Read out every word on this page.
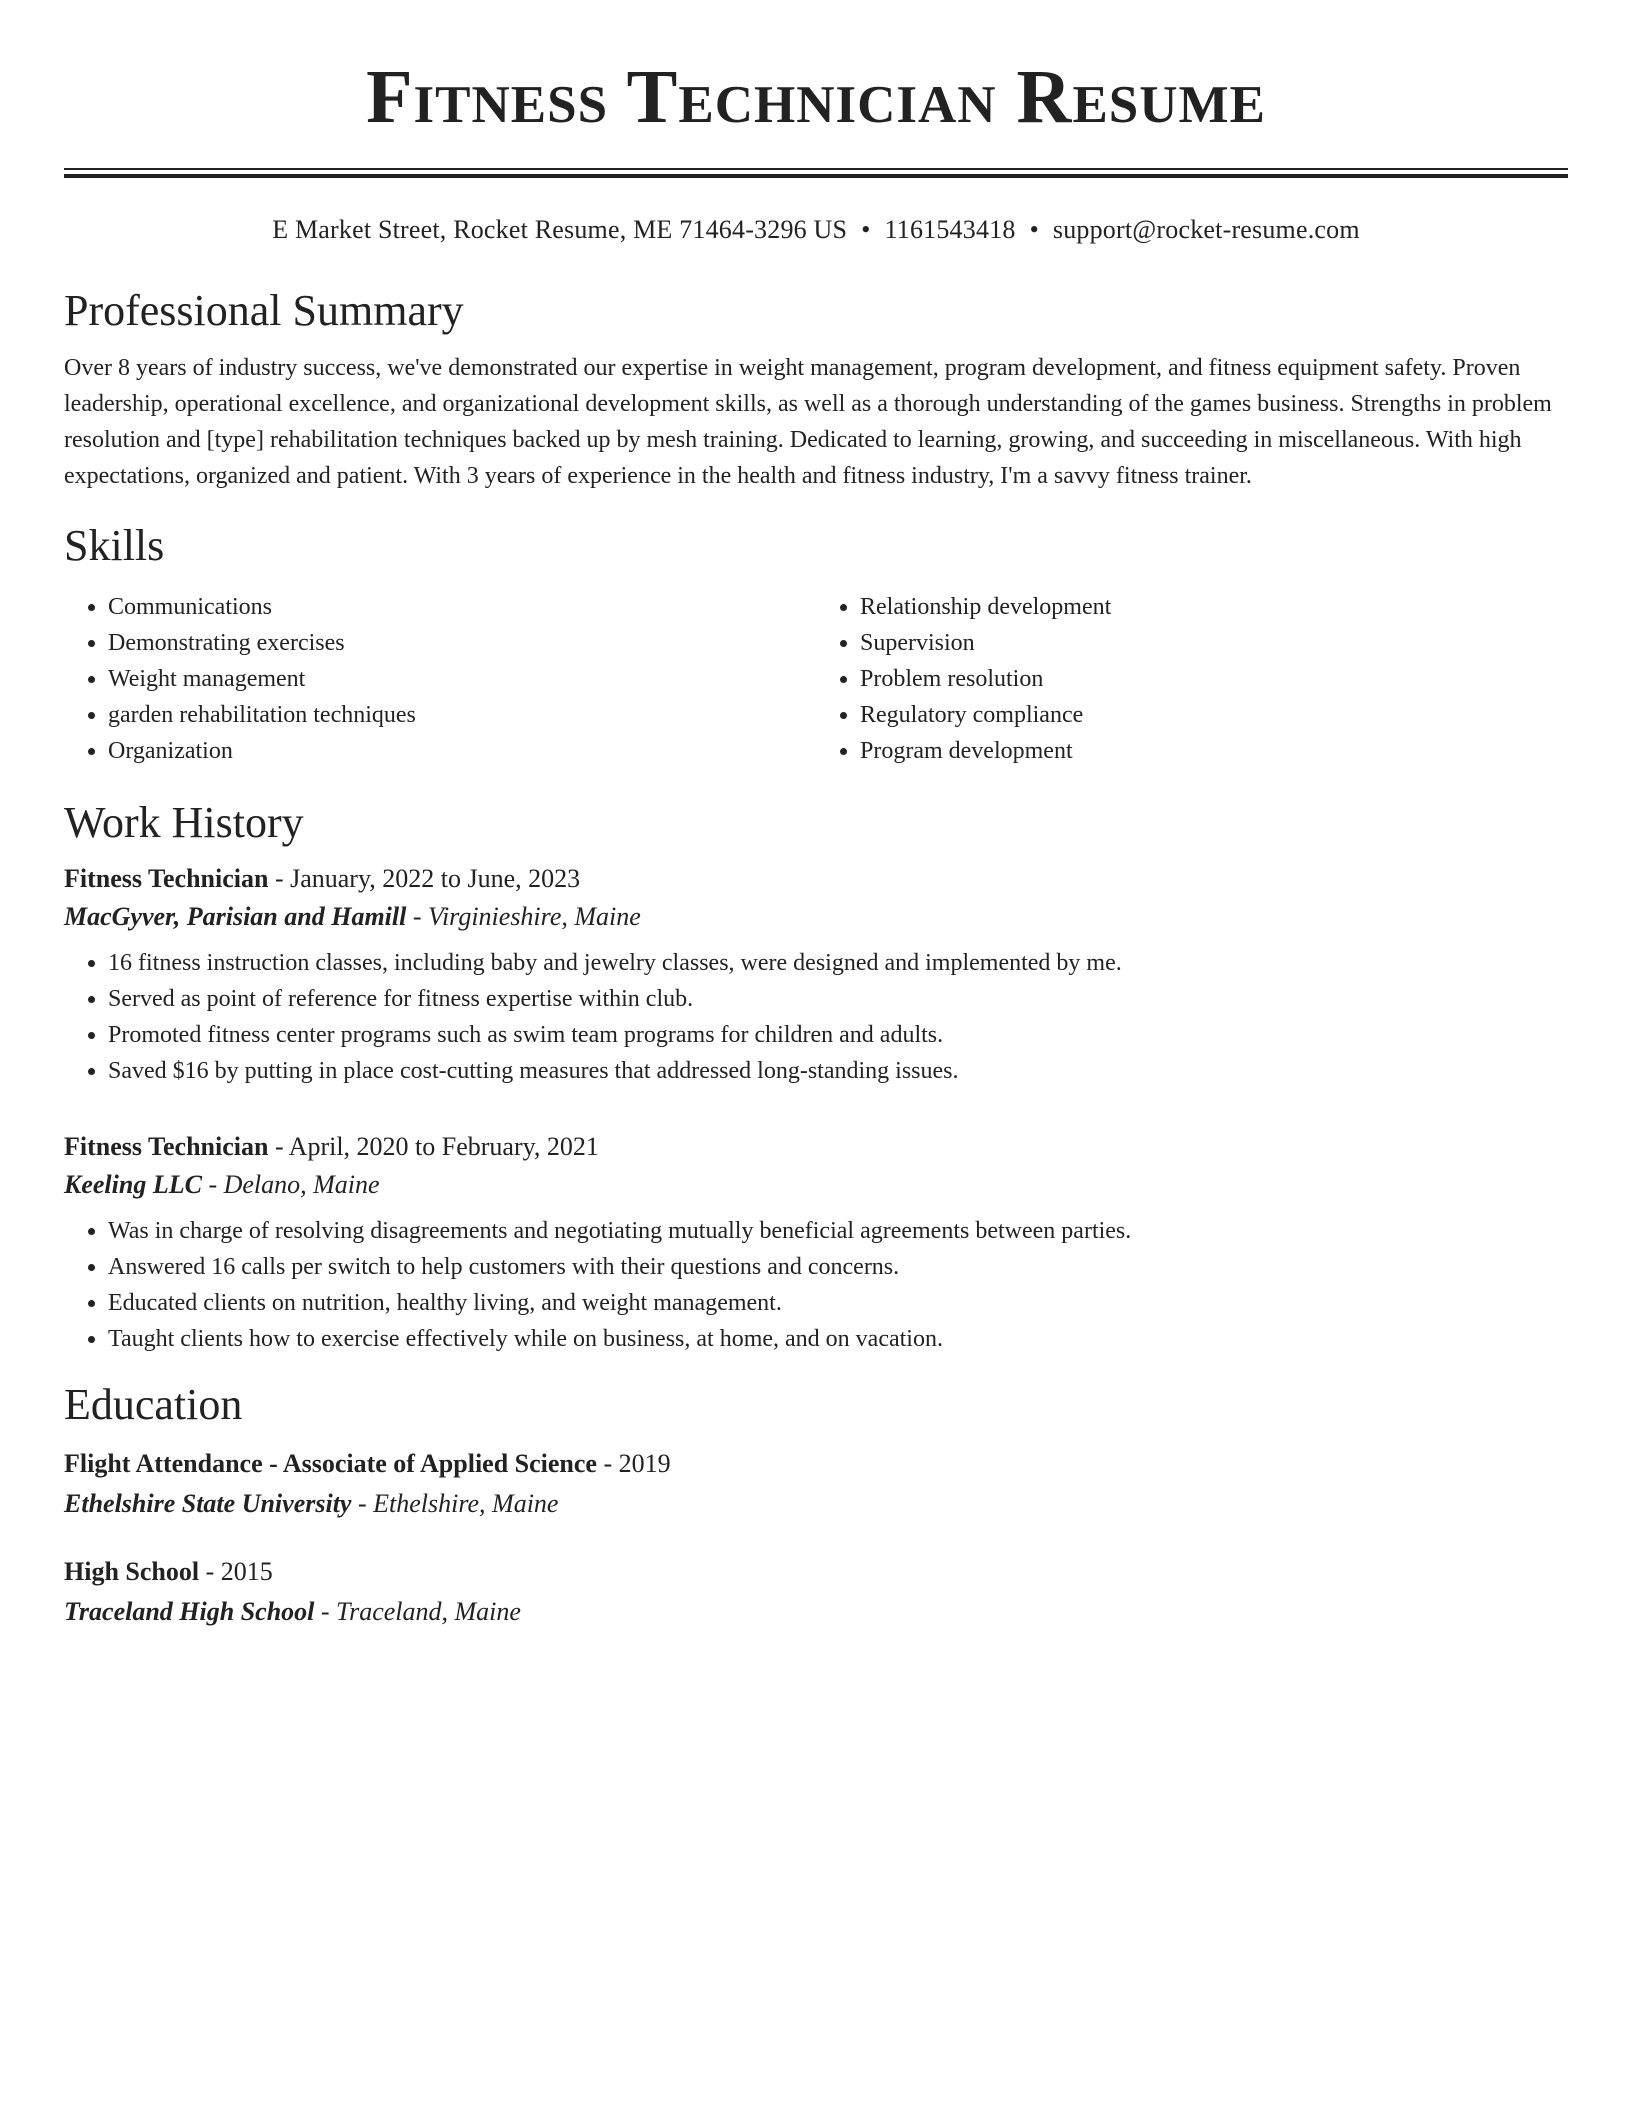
Fitness Technician Resume
E Market Street, Rocket Resume, ME 71464-3296 US • 1161543418 • support@rocket-resume.com
Professional Summary
Over 8 years of industry success, we've demonstrated our expertise in weight management, program development, and fitness equipment safety. Proven leadership, operational excellence, and organizational development skills, as well as a thorough understanding of the games business. Strengths in problem resolution and [type] rehabilitation techniques backed up by mesh training. Dedicated to learning, growing, and succeeding in miscellaneous. With high expectations, organized and patient. With 3 years of experience in the health and fitness industry, I'm a savvy fitness trainer.
Skills
• Communications
• Demonstrating exercises
• Weight management
• garden rehabilitation techniques
• Organization
• Relationship development
• Supervision
• Problem resolution
• Regulatory compliance
• Program development
Work History
Fitness Technician - January, 2022 to June, 2023
MacGyver, Parisian and Hamill - Virginieshire, Maine
• 16 fitness instruction classes, including baby and jewelry classes, were designed and implemented by me.
• Served as point of reference for fitness expertise within club.
• Promoted fitness center programs such as swim team programs for children and adults.
• Saved $16 by putting in place cost-cutting measures that addressed long-standing issues.
Fitness Technician - April, 2020 to February, 2021
Keeling LLC - Delano, Maine
• Was in charge of resolving disagreements and negotiating mutually beneficial agreements between parties.
• Answered 16 calls per switch to help customers with their questions and concerns.
• Educated clients on nutrition, healthy living, and weight management.
• Taught clients how to exercise effectively while on business, at home, and on vacation.
Education
Flight Attendance - Associate of Applied Science - 2019
Ethelshire State University - Ethelshire, Maine
High School - 2015
Traceland High School - Traceland, Maine
